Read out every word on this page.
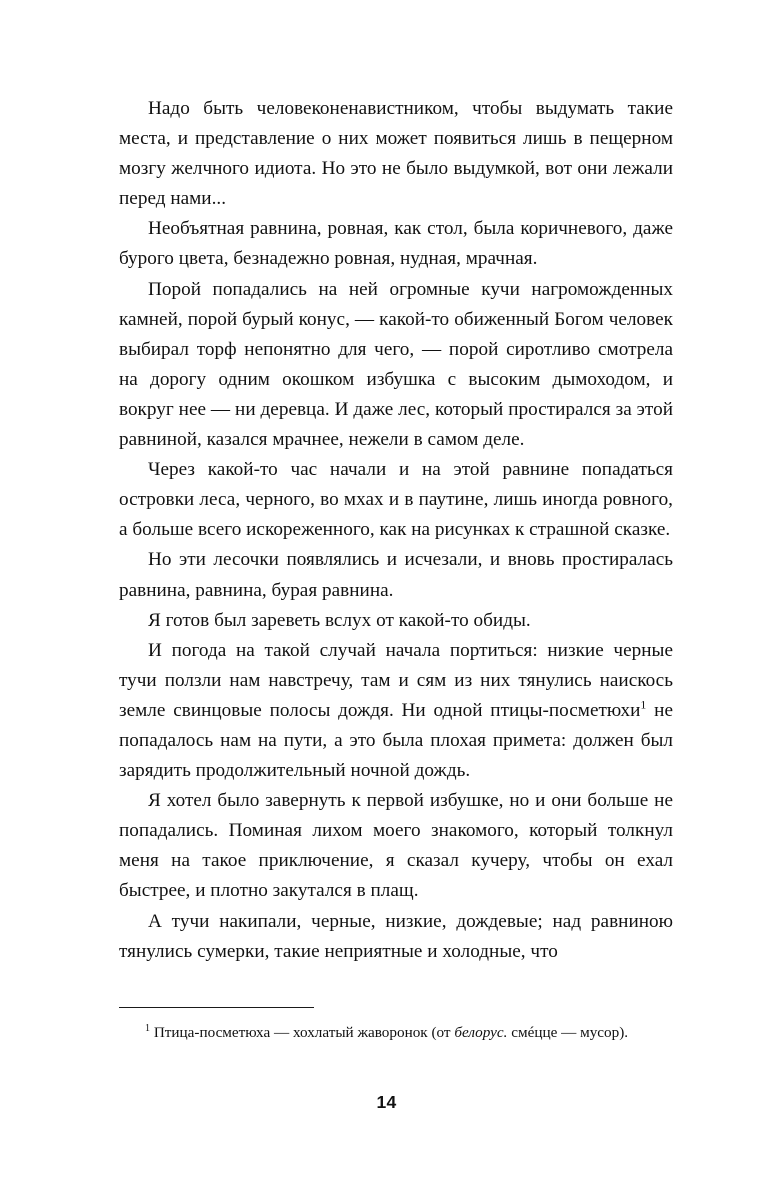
Надо быть человеконенавистником, чтобы выдумать такие места, и представление о них может появиться лишь в пещерном мозгу желчного идиота. Но это не было выдумкой, вот они лежали перед нами...

Необъятная равнина, ровная, как стол, была коричневого, даже бурого цвета, безнадежно ровная, нудная, мрачная.

Порой попадались на ней огромные кучи нагроможденных камней, порой бурый конус, — какой-то обиженный Богом человек выбирал торф непонятно для чего, — порой сиротливо смотрела на дорогу одним окошком избушка с высоким дымоходом, и вокруг нее — ни деревца. И даже лес, который простирался за этой равниной, казался мрачнее, нежели в самом деле.

Через какой-то час начали и на этой равнине попадаться островки леса, черного, во мхах и в паутине, лишь иногда ровного, а больше всего искореженного, как на рисунках к страшной сказке.

Но эти лесочки появлялись и исчезали, и вновь простиралась равнина, равнина, бурая равнина.

Я готов был зареветь вслух от какой-то обиды.

И погода на такой случай начала портиться: низкие черные тучи ползли нам навстречу, там и сям из них тянулись наискось земле свинцовые полосы дождя. Ни одной птицы-посметюхи$^1$ не попадалось нам на пути, а это была плохая примета: должен был зарядить продолжительный ночной дождь.

Я хотел было завернуть к первой избушке, но и они больше не попадались. Поминая лихом моего знакомого, который толкнул меня на такое приключение, я сказал кучеру, чтобы он ехал быстрее, и плотно закутался в плащ.

А тучи накипали, черные, низкие, дождевые; над равниною тянулись сумерки, такие неприятные и холодные, что

$^1$ Птица-посметюха — хохлатый жаворонок (от белорус. смéцце — мусор).

14
